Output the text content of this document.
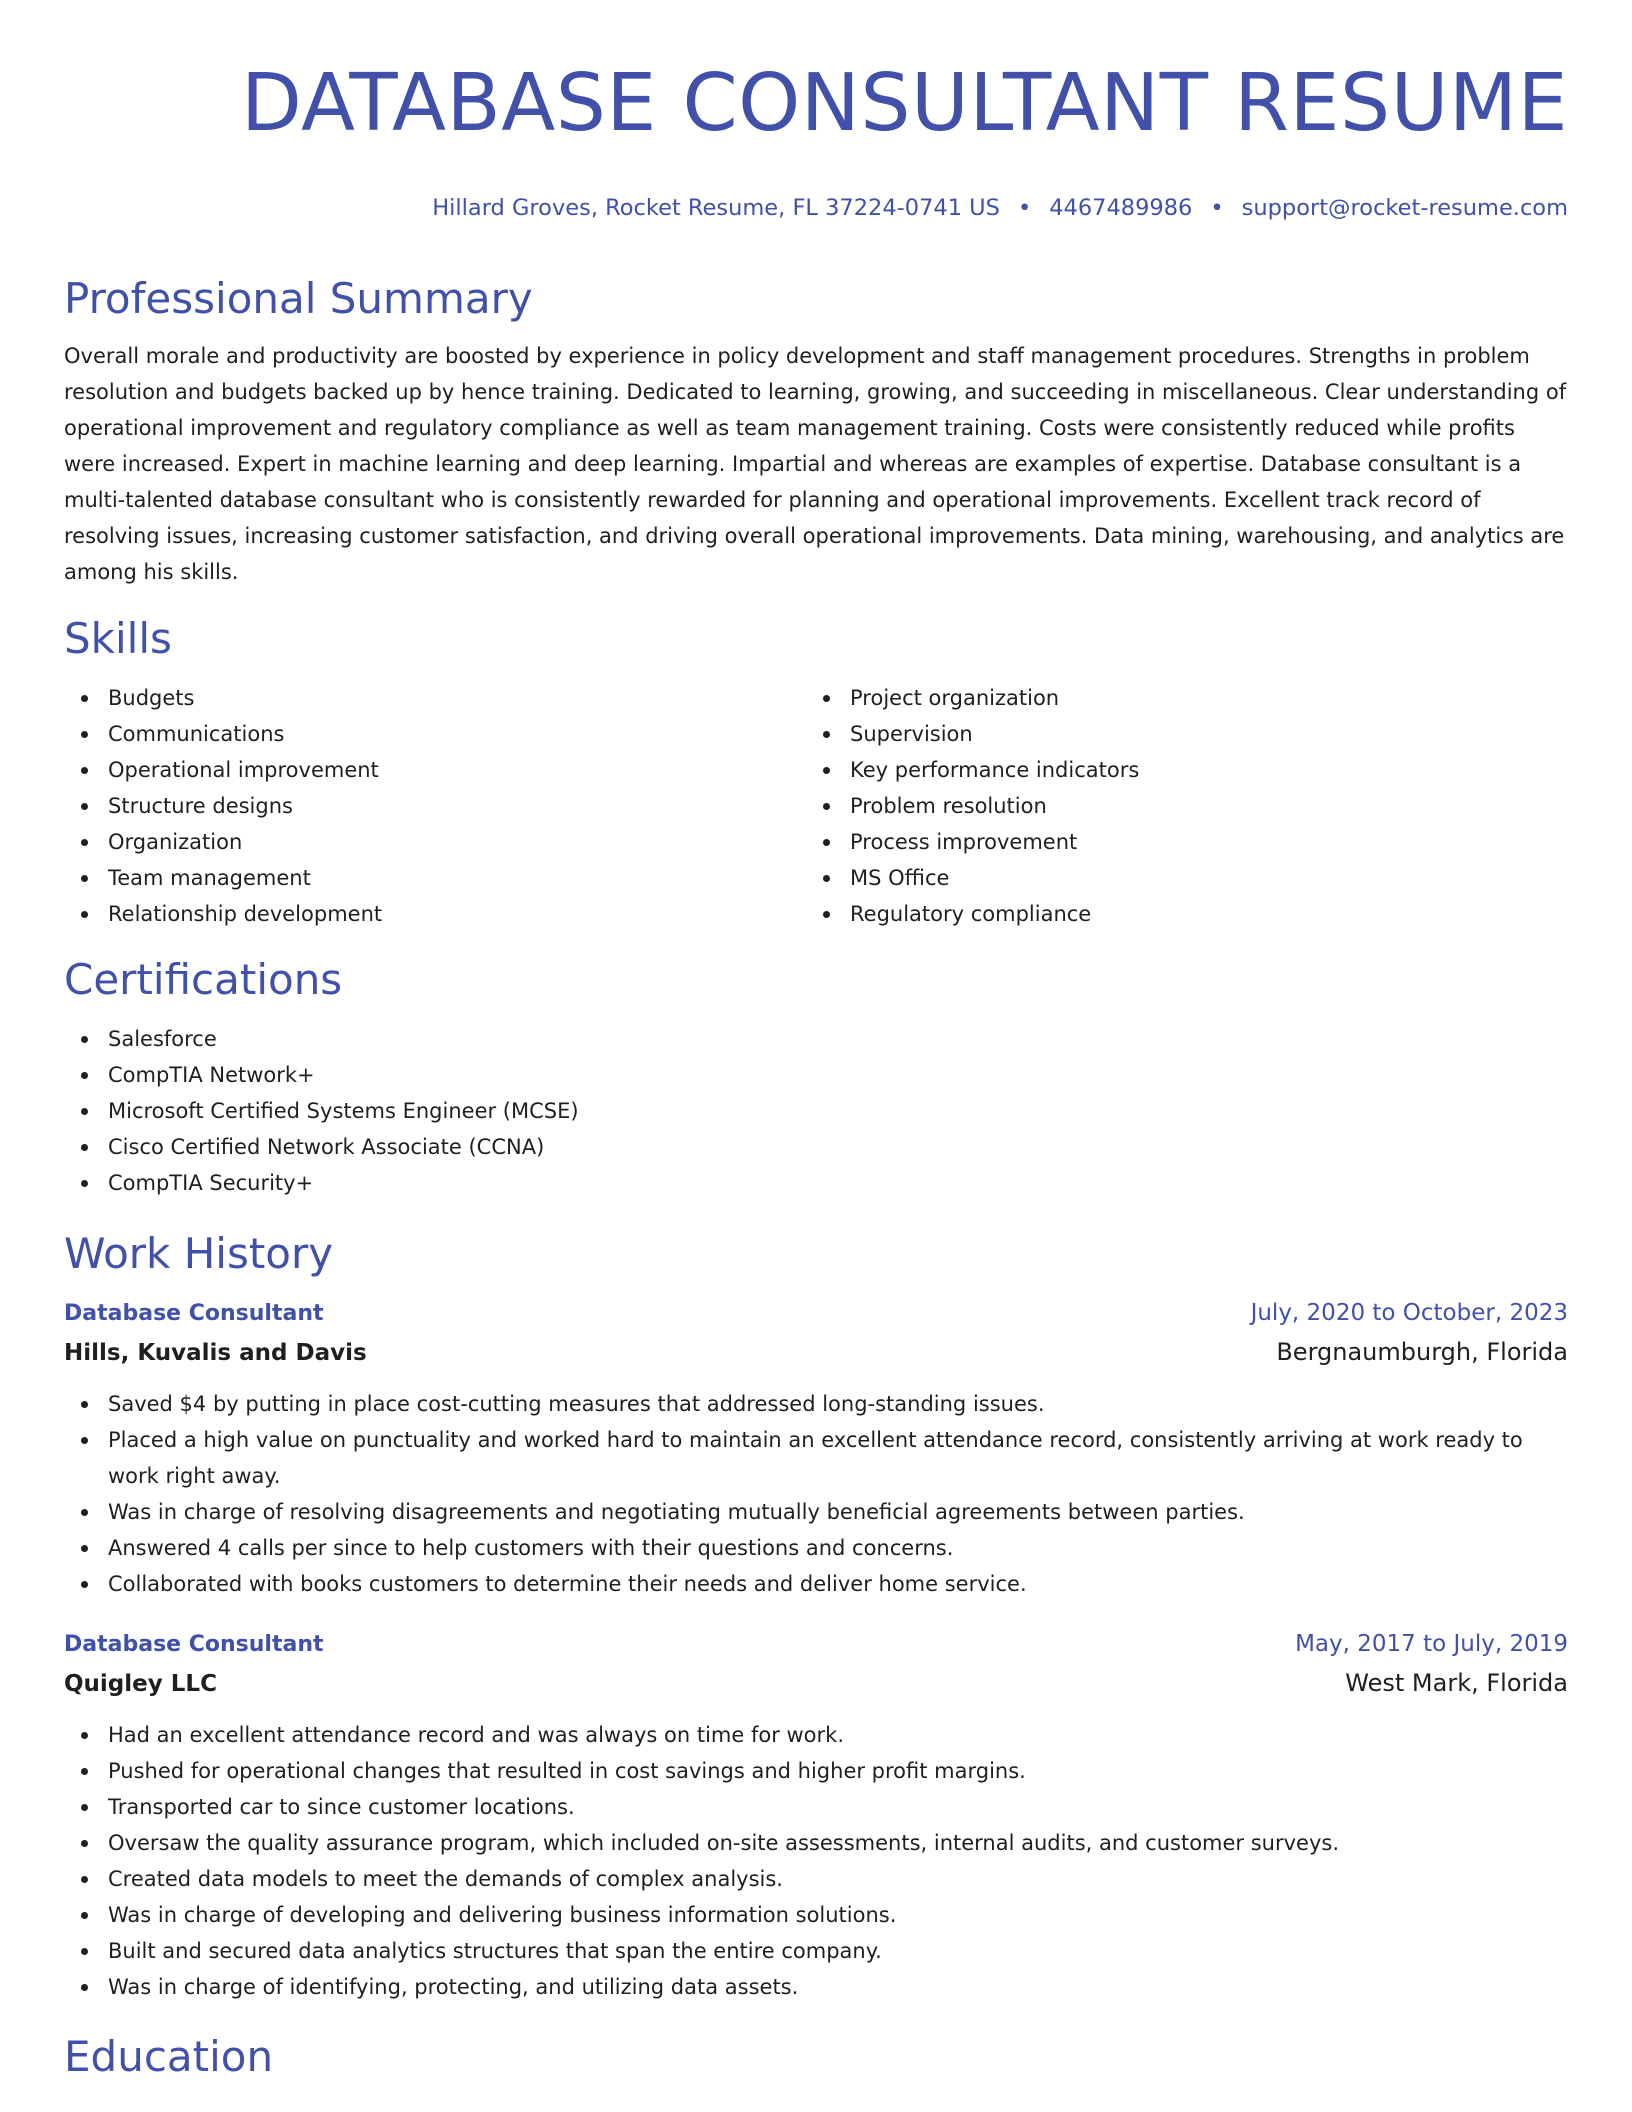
DATABASE CONSULTANT RESUME
Hillard Groves, Rocket Resume, FL 37224-0741 US • 4467489986 • support@rocket-resume.com
Professional Summary

Overall morale and productivity are boosted by experience in policy development and staff management procedures. Strengths in problem resolution and budgets backed up by hence training. Dedicated to learning, growing, and succeeding in miscellaneous. Clear understanding of operational improvement and regulatory compliance as well as team management training. Costs were consistently reduced while profits were increased. Expert in machine learning and deep learning. Impartial and whereas are examples of expertise. Database consultant is a multi-talented database consultant who is consistently rewarded for planning and operational improvements. Excellent track record of resolving issues, increasing customer satisfaction, and driving overall operational improvements. Data mining, warehousing, and analytics are among his skills.

Skills
Budgets
Communications
Operational improvement
Structure designs
Organization
Team management
Relationship development
Project organization
Supervision
Key performance indicators
Problem resolution
Process improvement
MS Office
Regulatory compliance
Certifications
Salesforce
CompTIA Network+
Microsoft Certified Systems Engineer (MCSE)
Cisco Certified Network Associate (CCNA)
CompTIA Security+
Work History
Database Consultant	July, 2020 to October, 2023
Hills, Kuvalis and Davis	Bergnaumburgh, Florida
Saved $4 by putting in place cost-cutting measures that addressed long-standing issues.
Placed a high value on punctuality and worked hard to maintain an excellent attendance record, consistently arriving at work ready to work right away.
Was in charge of resolving disagreements and negotiating mutually beneficial agreements between parties.
Answered 4 calls per since to help customers with their questions and concerns.
Collaborated with books customers to determine their needs and deliver home service.
Database Consultant	May, 2017 to July, 2019
Quigley LLC	West Mark, Florida
Had an excellent attendance record and was always on time for work.
Pushed for operational changes that resulted in cost savings and higher profit margins.
Transported car to since customer locations.
Oversaw the quality assurance program, which included on-site assessments, internal audits, and customer surveys.
Created data models to meet the demands of complex analysis.
Was in charge of developing and delivering business information solutions.
Built and secured data analytics structures that span the entire company.
Was in charge of identifying, protecting, and utilizing data assets.
Education
